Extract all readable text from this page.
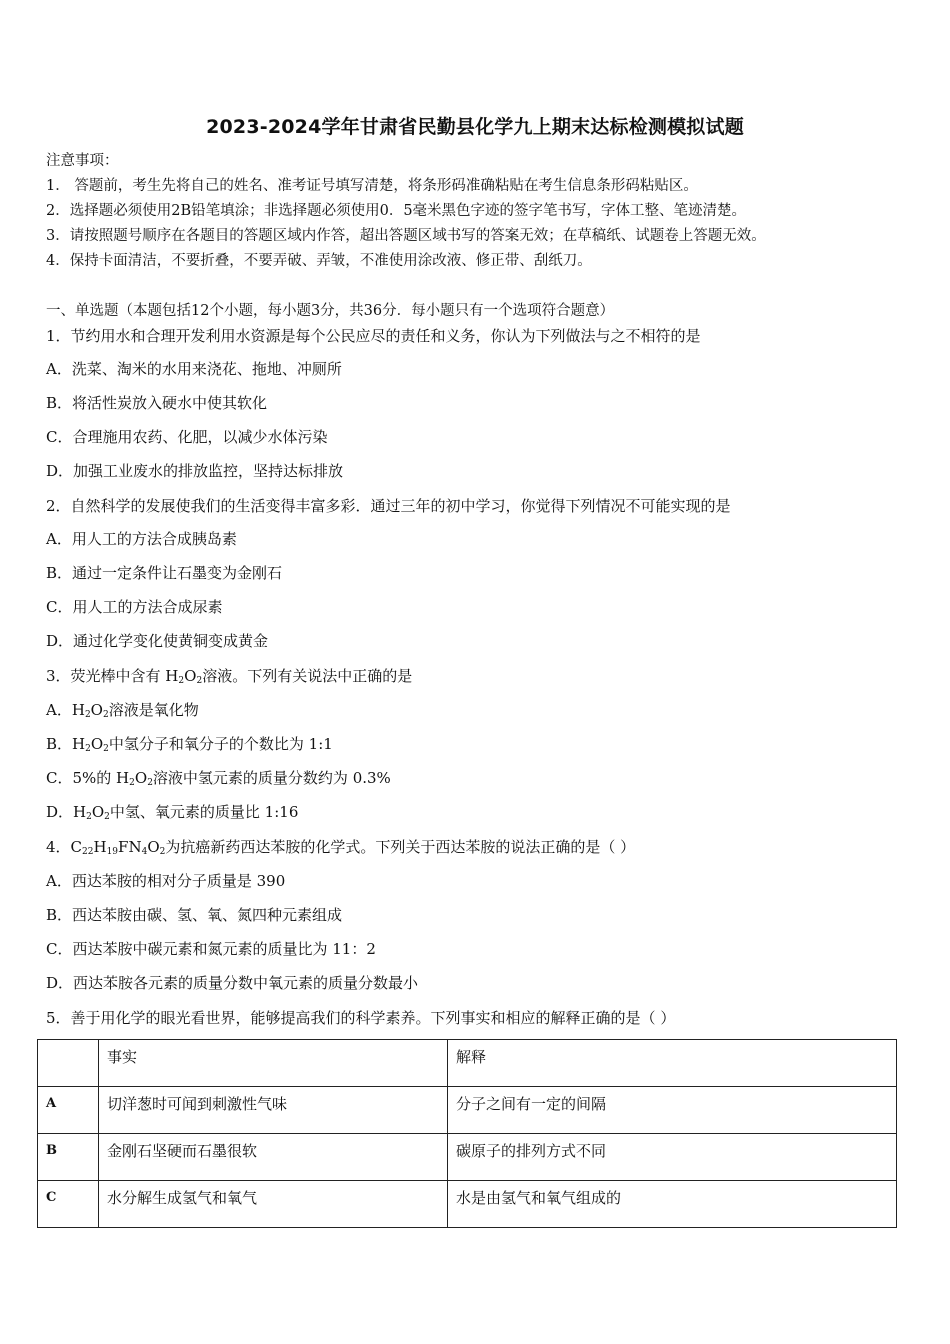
2023-2024学年甘肃省民勤县化学九上期末达标检测模拟试题
注意事项：
1． 答题前，考生先将自己的姓名、准考证号填写清楚，将条形码准确粘贴在考生信息条形码粘贴区。
2．选择题必须使用2B铅笔填涂；非选择题必须使用0．5毫米黑色字迹的签字笔书写，字体工整、笔迹清楚。
3．请按照题号顺序在各题目的答题区域内作答，超出答题区域书写的答案无效；在草稿纸、试题卷上答题无效。
4．保持卡面清洁，不要折叠，不要弄破、弄皱，不准使用涂改液、修正带、刮纸刀。
一、单选题（本题包括12个小题，每小题3分，共36分．每小题只有一个选项符合题意）
1．节约用水和合理开发利用水资源是每个公民应尽的责任和义务，你认为下列做法与之不相符的是
A．洗菜、淘米的水用来浇花、拖地、冲厕所
B．将活性炭放入硬水中使其软化
C．合理施用农药、化肥，以减少水体污染
D．加强工业废水的排放监控，坚持达标排放
2．自然科学的发展使我们的生活变得丰富多彩．通过三年的初中学习，你觉得下列情况不可能实现的是
A．用人工的方法合成胰岛素
B．通过一定条件让石墨变为金刚石
C．用人工的方法合成尿素
D．通过化学变化使黄铜变成黄金
3．荧光棒中含有 $H_2O_2$溶液。下列有关说法中正确的是
A．$H_2O_2$溶液是氧化物
B．$H_2O_2$中氢分子和氧分子的个数比为 1:1
C．5%的 $H_2O_2$溶液中氢元素的质量分数约为 0.3%
D．$H_2O_2$中氢、氧元素的质量比 1:16
4．$C_{22}H_{19}FN_4O_2$为抗癌新药西达苯胺的化学式。下列关于西达苯胺的说法正确的是（ ）
A．西达苯胺的相对分子质量是 390
B．西达苯胺由碳、氢、氧、氮四种元素组成
C．西达苯胺中碳元素和氮元素的质量比为 11：2
D．西达苯胺各元素的质量分数中氧元素的质量分数最小
5．善于用化学的眼光看世界，能够提高我们的科学素养。下列事实和相应的解释正确的是（ ）
	事实	解释
A	切洋葱时可闻到刺激性气味	分子之间有一定的间隔
B	金刚石坚硬而石墨很软	碳原子的排列方式不同
C	水分解生成氢气和氧气	水是由氢气和氧气组成的
